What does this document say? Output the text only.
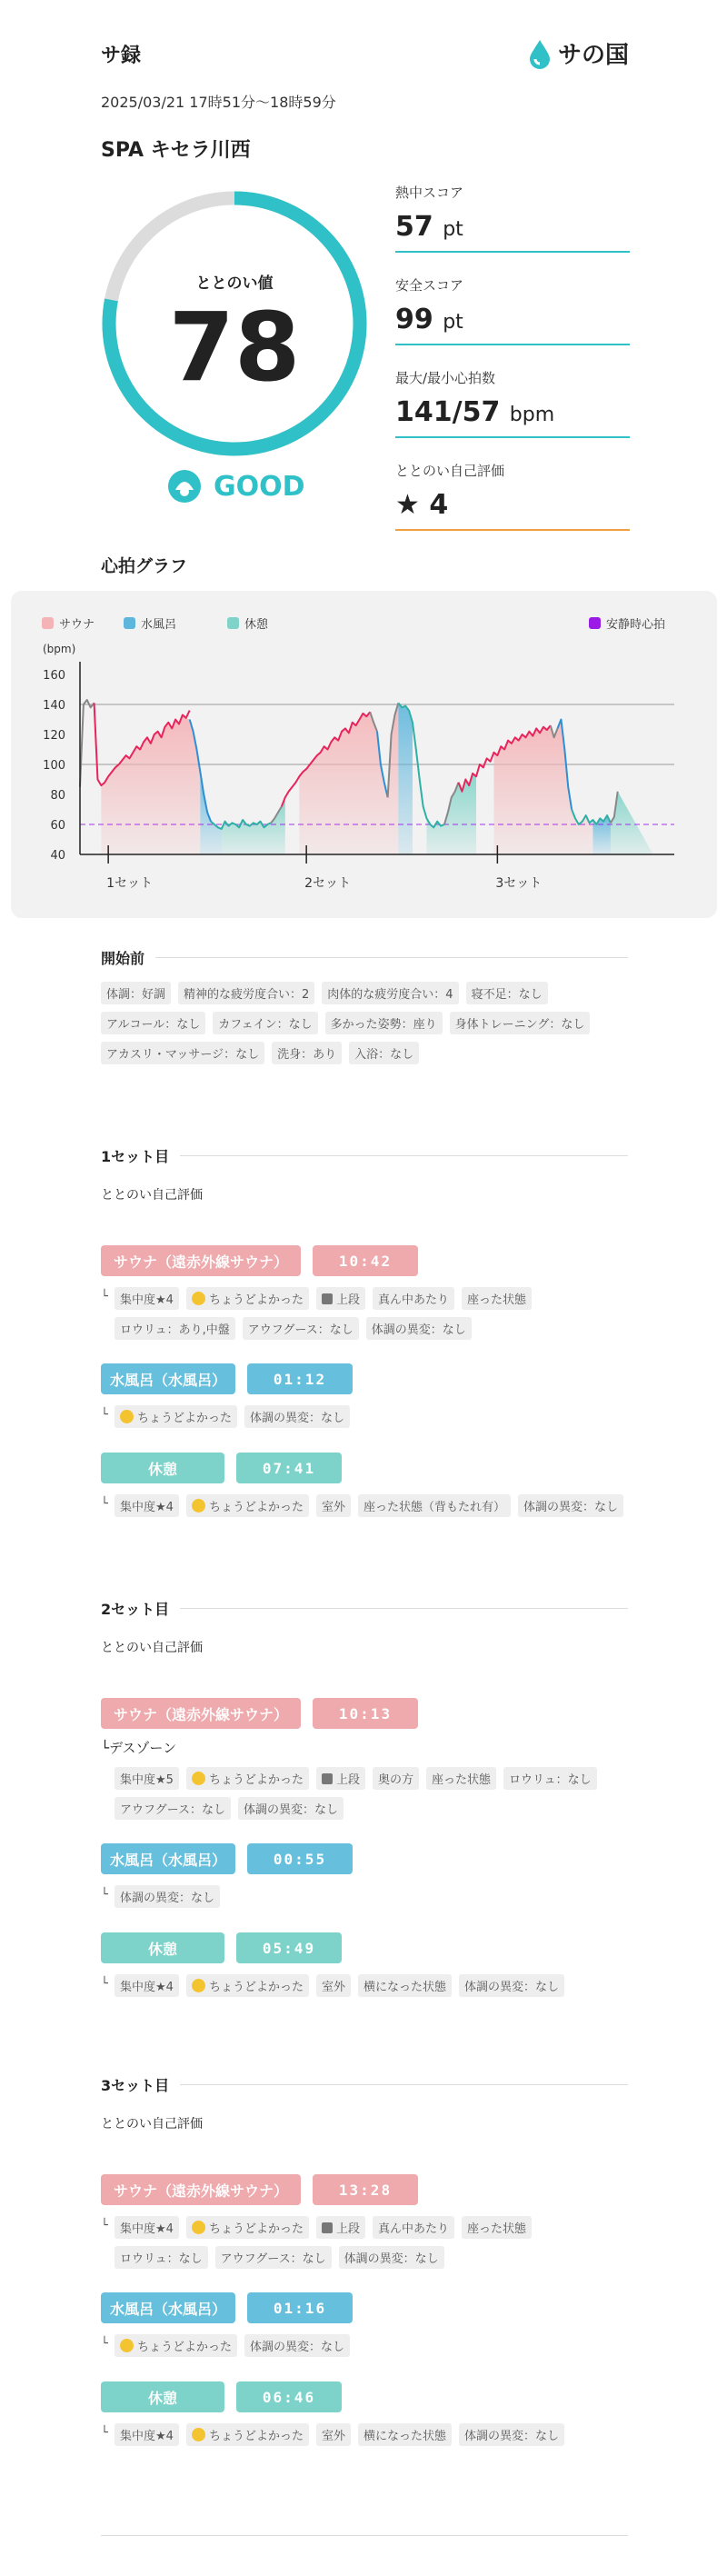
サ録	サの国
2025/03/21 17時51分〜18時59分
SPA キセラ川西
ととのい値
78
GOOD
熱中スコア
57 pt
安全スコア
99 pt
最大/最小心拍数
141/57 bpm
ととのい自己評価
★ 4
心拍グラフ
サウナ	水風呂	休憩	安静時心拍
(bpm)
40
60
80
100
120
140
160
1セット	2セット	3セット
開始前
体調：好調 精神的な疲労度合い：2 肉体的な疲労度合い：4 寝不足：なし
アルコール：なし カフェイン：なし 多かった姿勢：座り 身体トレーニング：なし
アカスリ・マッサージ：なし 洗身：あり 入浴：なし
1セット目
ととのい自己評価
サウナ（遠赤外線サウナ）	10:42
└ 集中度★4	ちょうどよかった	上段 真ん中あたり 座った状態
ロウリュ：あり,中盤 アウフグース：なし 体調の異変：なし
水風呂（水風呂）	01:12
└ ちょうどよかった 体調の異変：なし
休憩	07:41
└ 集中度★4	ちょうどよかった 室外 座った状態（背もたれ有） 体調の異変：なし
2セット目
ととのい自己評価
サウナ（遠赤外線サウナ）	10:13
└デスゾーン
集中度★5	ちょうどよかった	上段 奥の方 座った状態 ロウリュ：なし
アウフグース：なし 体調の異変：なし
水風呂（水風呂）	00:55
└ 体調の異変：なし
休憩	05:49
└ 集中度★4	ちょうどよかった 室外 横になった状態 体調の異変：なし
3セット目
ととのい自己評価
サウナ（遠赤外線サウナ）	13:28
└ 集中度★4	ちょうどよかった	上段 真ん中あたり 座った状態
ロウリュ：なし アウフグース：なし 体調の異変：なし
水風呂（水風呂）	01:16
└ ちょうどよかった 体調の異変：なし
休憩	06:46
└ 集中度★4	ちょうどよかった 室外 横になった状態 体調の異変：なし
